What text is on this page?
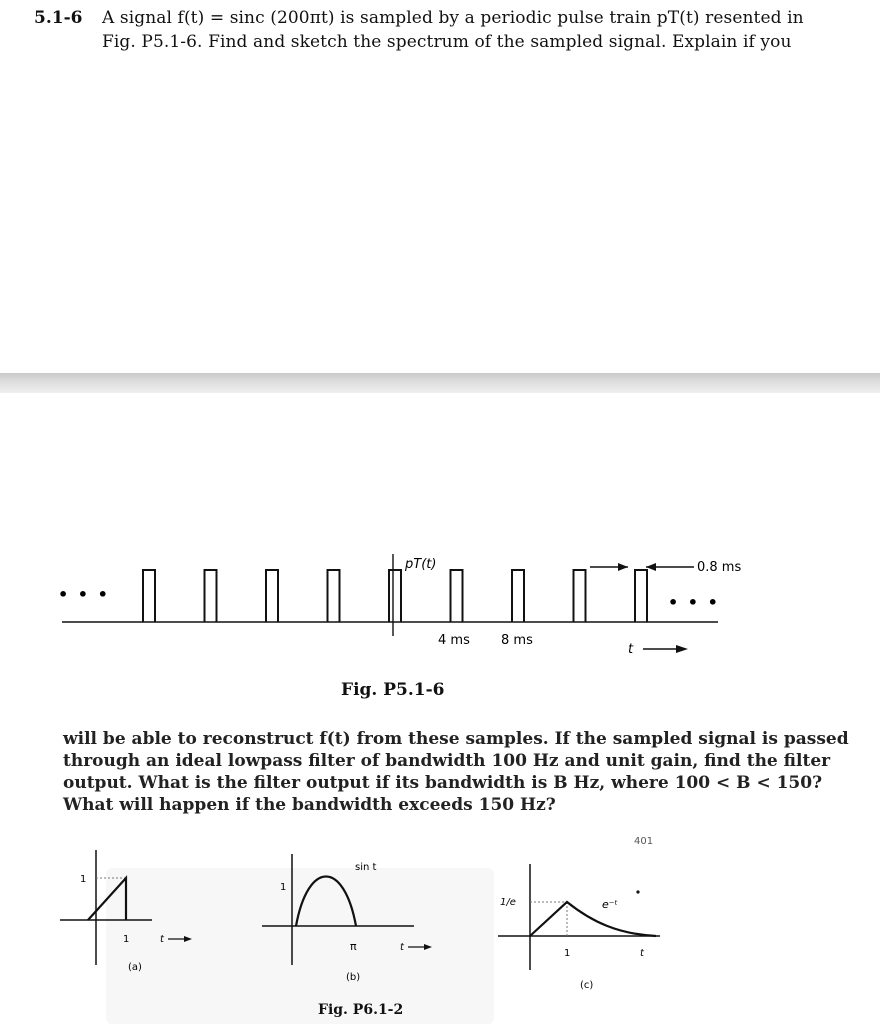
5.1-6 A signal f(t) = sinc (200πt) is sampled by a periodic pulse train pT(t) resented in
Fig. P5.1-6. Find and sketch the spectrum of the sampled signal. Explain if you
• • •	• • •
pT(t)
4 ms 8 ms
0.8 ms
t
Fig. P5.1-6
will be able to reconstruct f(t) from these samples. If the sampled signal is passed
through an ideal lowpass filter of bandwidth 100 Hz and unit gain, find the filter
output. What is the filter output if its bandwidth is B Hz, where 100 < B < 150?
What will happen if the bandwidth exceeds 150 Hz?
401
1
1	t
(a)
1
sin t
π	t
(b)
1/e	e⁻ᵗ
1	t
(c)
Fig. P6.1-2
